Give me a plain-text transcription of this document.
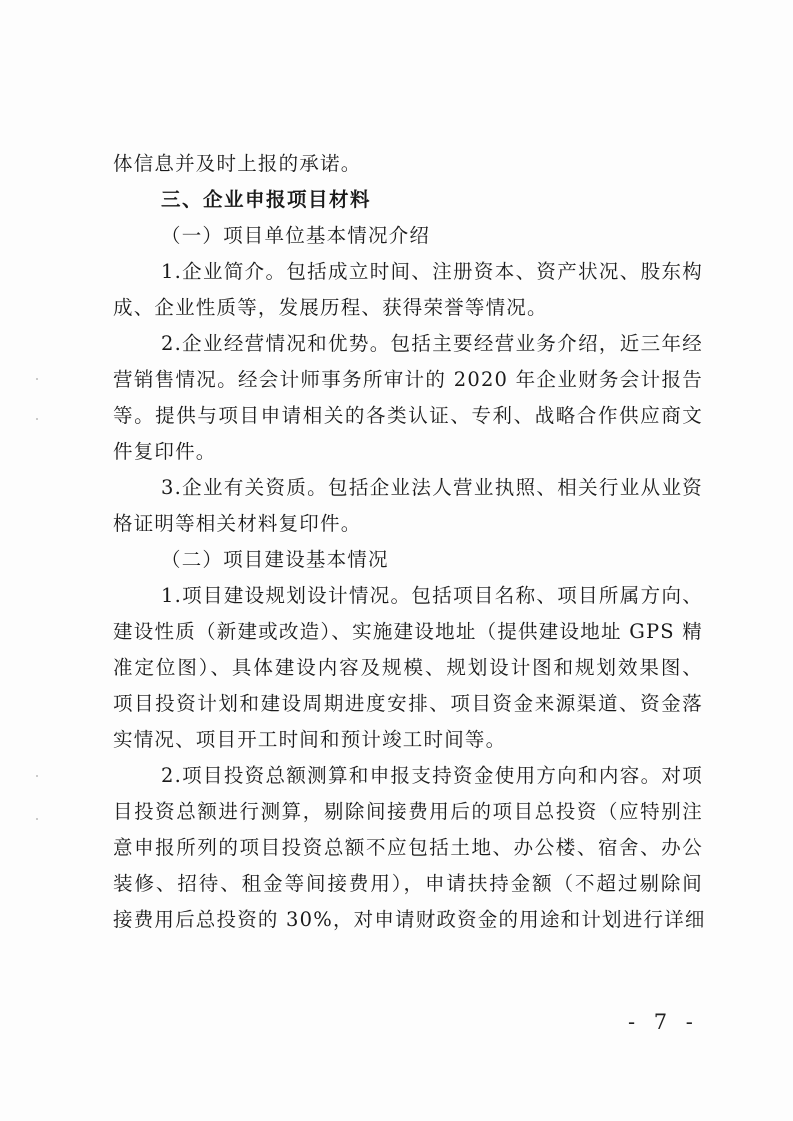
体信息并及时上报的承诺。
三、企业申报项目材料
（一）项目单位基本情况介绍
1.企业简介。包括成立时间、注册资本、资产状况、股东构
成、企业性质等，发展历程、获得荣誉等情况。
2.企业经营情况和优势。包括主要经营业务介绍，近三年经
营销售情况。经会计师事务所审计的 2020 年企业财务会计报告
等。提供与项目申请相关的各类认证、专利、战略合作供应商文
件复印件。
3.企业有关资质。包括企业法人营业执照、相关行业从业资
格证明等相关材料复印件。
（二）项目建设基本情况
1.项目建设规划设计情况。包括项目名称、项目所属方向、
建设性质（新建或改造）、实施建设地址（提供建设地址 GPS 精
准定位图）、具体建设内容及规模、规划设计图和规划效果图、
项目投资计划和建设周期进度安排、项目资金来源渠道、资金落
实情况、项目开工时间和预计竣工时间等。
2.项目投资总额测算和申报支持资金使用方向和内容。对项
目投资总额进行测算，剔除间接费用后的项目总投资（应特别注
意申报所列的项目投资总额不应包括土地、办公楼、宿舍、办公
装修、招待、租金等间接费用），申请扶持金额（不超过剔除间
接费用后总投资的 30%，对申请财政资金的用途和计划进行详细
- 7 -
